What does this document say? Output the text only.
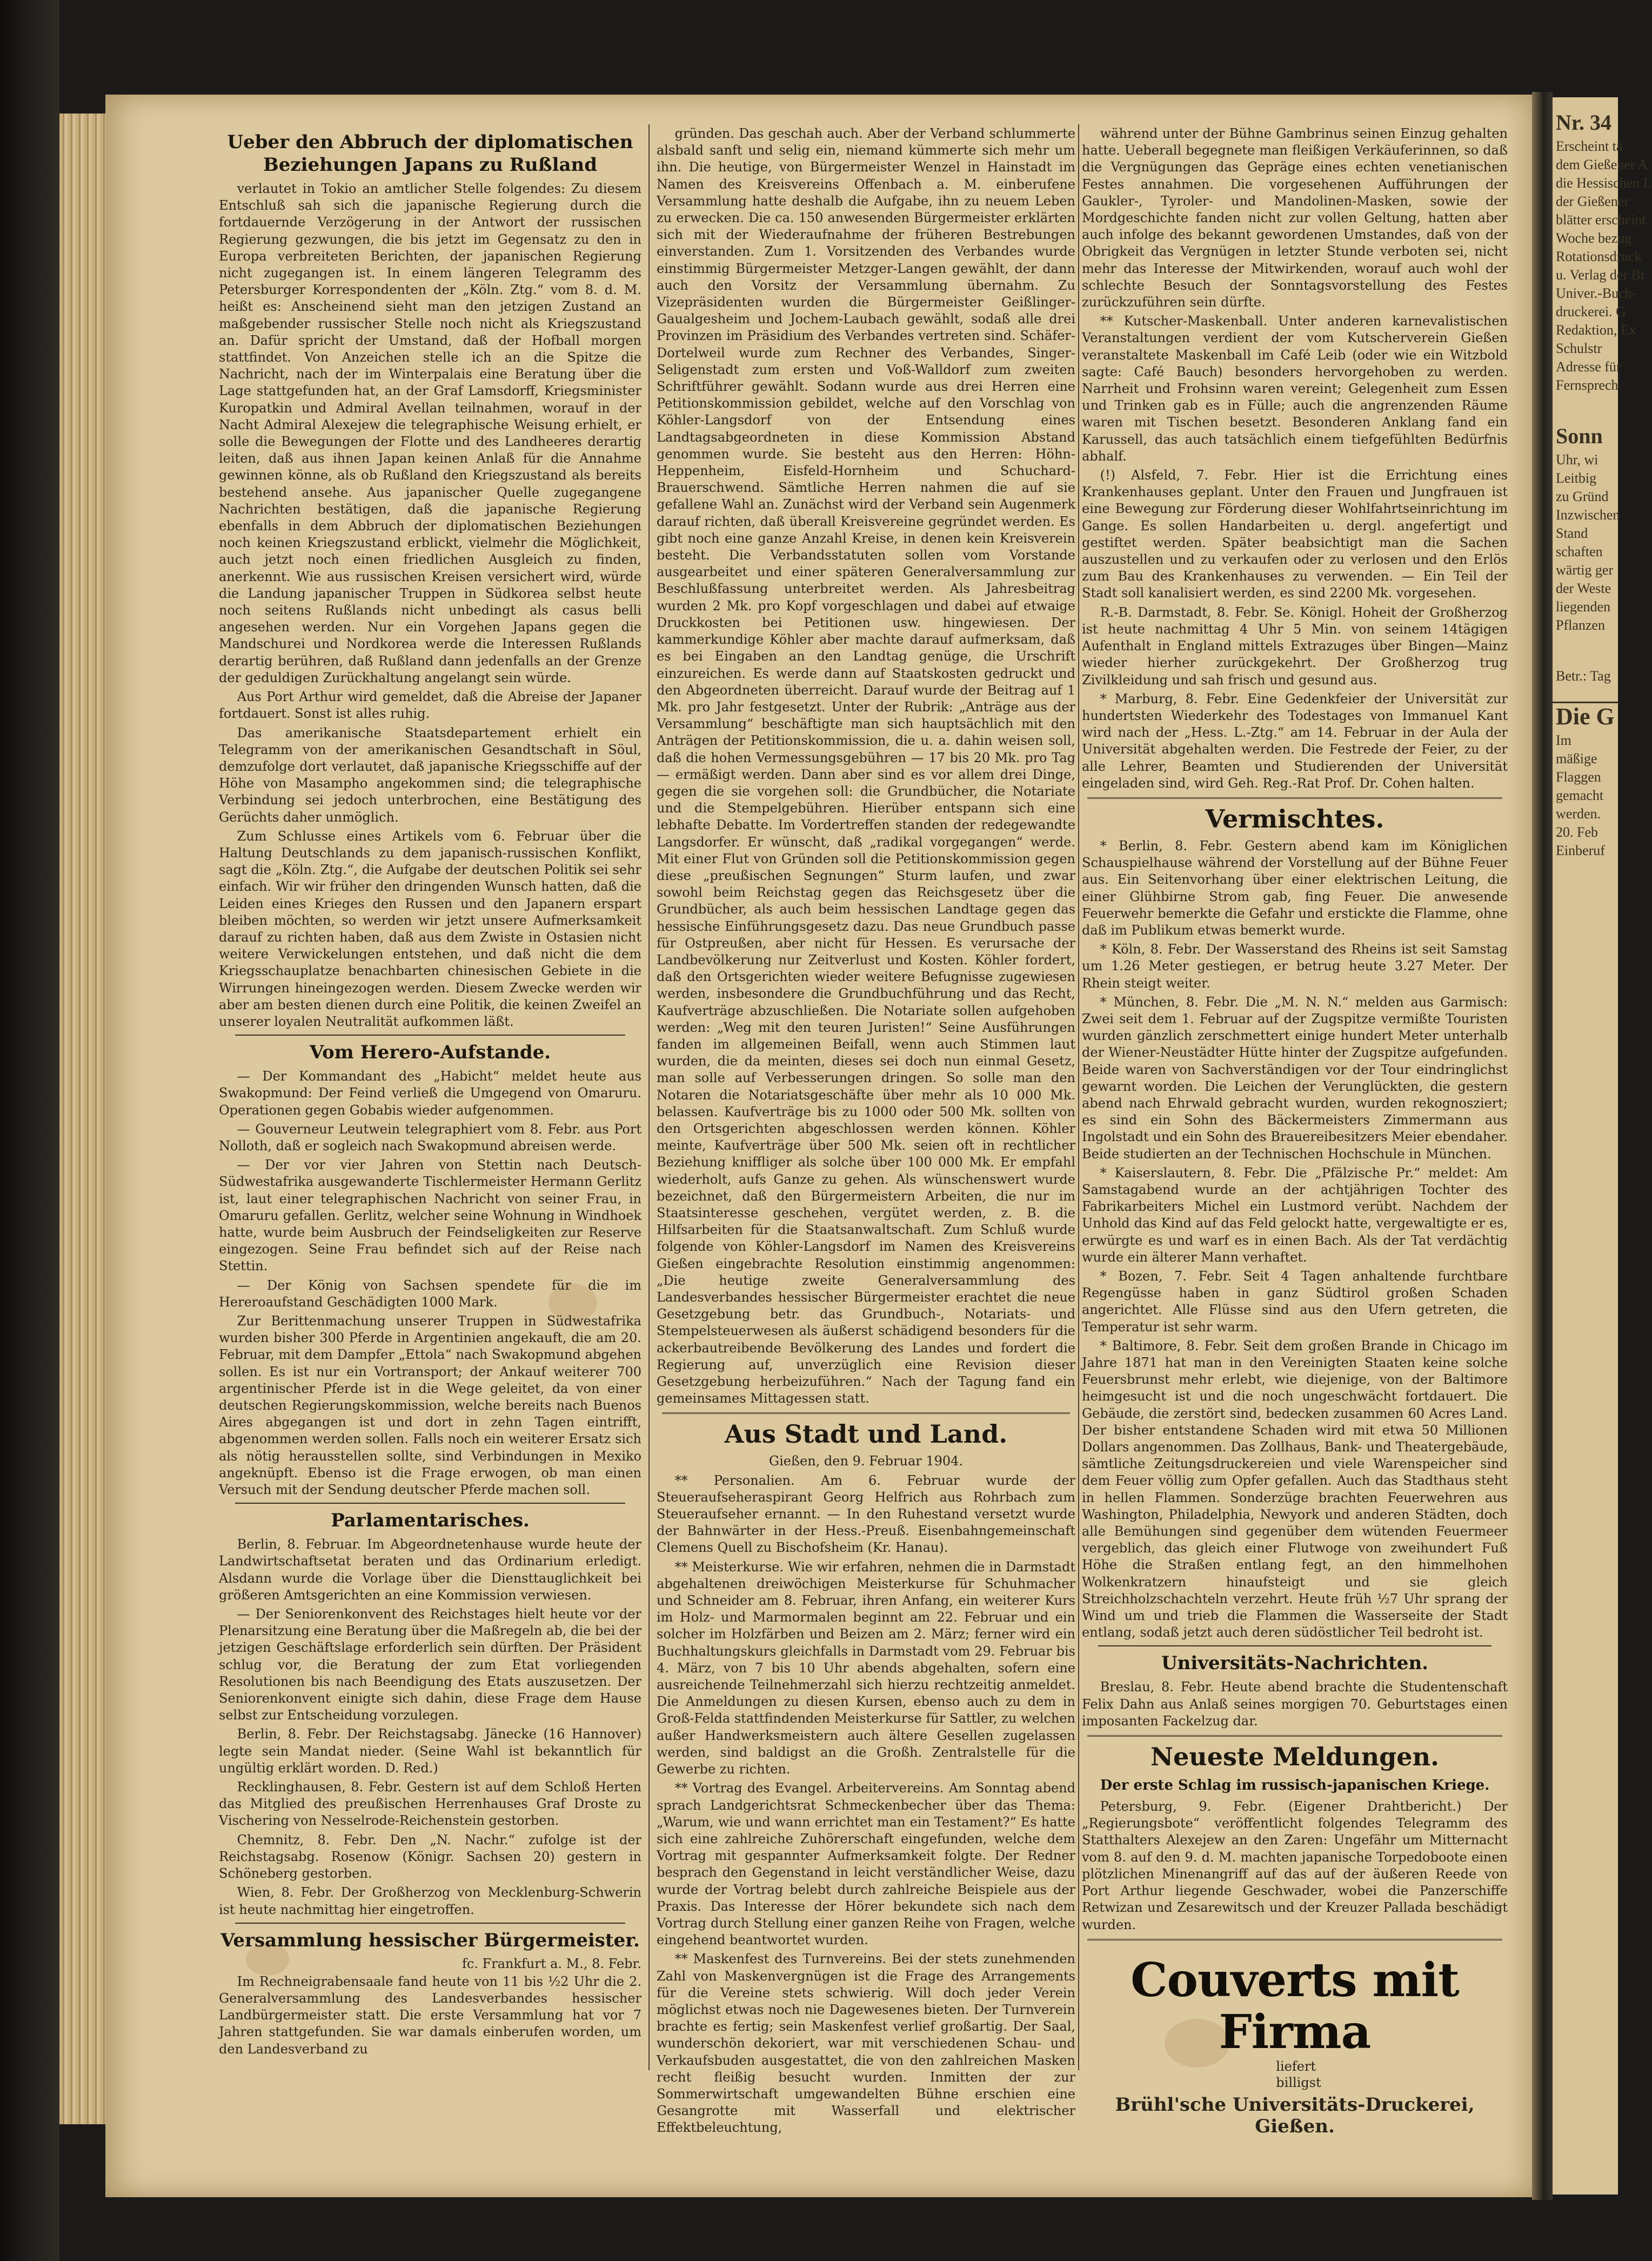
Ueber den Abbruch der diplomatischen Beziehungen Japans zu Rußland

verlautet in Tokio an amtlicher Stelle folgendes: Zu diesem Entschluß sah sich die japanische Regierung durch die fortdauernde Verzögerung in der Antwort der russischen Regierung gezwungen, die bis jetzt im Gegensatz zu den in Europa verbreiteten Berichten, der japanischen Regierung nicht zugegangen ist. In einem längeren Telegramm des Petersburger Korrespondenten der „Köln. Ztg.“ vom 8. d. M. heißt es: Anscheinend sieht man den jetzigen Zustand an maßgebender russischer Stelle noch nicht als Kriegszustand an. Dafür spricht der Umstand, daß der Hofball morgen stattfindet. Von Anzeichen stelle ich an die Spitze die Nachricht, nach der im Winterpalais eine Beratung über die Lage stattgefunden hat, an der Graf Lamsdorff, Kriegsminister Kuropatkin und Admiral Avellan teilnahmen, worauf in der Nacht Admiral Alexejew die telegraphische Weisung erhielt, er solle die Bewegungen der Flotte und des Landheeres derartig leiten, daß aus ihnen Japan keinen Anlaß für die Annahme gewinnen könne, als ob Rußland den Kriegszustand als bereits bestehend ansehe. Aus japanischer Quelle zugegangene Nachrichten bestätigen, daß die japanische Regierung ebenfalls in dem Abbruch der diplomatischen Beziehungen noch keinen Kriegszustand erblickt, vielmehr die Möglichkeit, auch jetzt noch einen friedlichen Ausgleich zu finden, anerkennt. Wie aus russischen Kreisen versichert wird, würde die Landung japanischer Truppen in Südkorea selbst heute noch seitens Rußlands nicht unbedingt als casus belli angesehen werden. Nur ein Vorgehen Japans gegen die Mandschurei und Nordkorea werde die Interessen Rußlands derartig berühren, daß Rußland dann jedenfalls an der Grenze der geduldigen Zurückhaltung angelangt sein würde.

Aus Port Arthur wird gemeldet, daß die Abreise der Japaner fortdauert. Sonst ist alles ruhig.

Das amerikanische Staatsdepartement erhielt ein Telegramm von der amerikanischen Gesandtschaft in Söul, demzufolge dort verlautet, daß japanische Kriegsschiffe auf der Höhe von Masampho angekommen sind; die telegraphische Verbindung sei jedoch unterbrochen, eine Bestätigung des Gerüchts daher unmöglich.

Zum Schlusse eines Artikels vom 6. Februar über die Haltung Deutschlands zu dem japanisch-russischen Konflikt, sagt die „Köln. Ztg.“, die Aufgabe der deutschen Politik sei sehr einfach. Wir wir früher den dringenden Wunsch hatten, daß die Leiden eines Krieges den Russen und den Japanern erspart bleiben möchten, so werden wir jetzt unsere Aufmerksamkeit darauf zu richten haben, daß aus dem Zwiste in Ostasien nicht weitere Verwickelungen entstehen, und daß nicht die dem Kriegsschauplatze benachbarten chinesischen Gebiete in die Wirrungen hineingezogen werden. Diesem Zwecke werden wir aber am besten dienen durch eine Politik, die keinen Zweifel an unserer loyalen Neutralität aufkommen läßt.

Vom Herero-Aufstande.

— Der Kommandant des „Habicht“ meldet heute aus Swakopmund: Der Feind verließ die Umgegend von Omaruru. Operationen gegen Gobabis wieder aufgenommen.

— Gouverneur Leutwein telegraphiert vom 8. Febr. aus Port Nolloth, daß er sogleich nach Swakopmund abreisen werde.

— Der vor vier Jahren von Stettin nach Deutsch-Südwestafrika ausgewanderte Tischlermeister Hermann Gerlitz ist, laut einer telegraphischen Nachricht von seiner Frau, in Omaruru gefallen. Gerlitz, welcher seine Wohnung in Windhoek hatte, wurde beim Ausbruch der Feindseligkeiten zur Reserve eingezogen. Seine Frau befindet sich auf der Reise nach Stettin.

— Der König von Sachsen spendete für die im Hereroaufstand Geschädigten 1000 Mark.

Zur Berittenmachung unserer Truppen in Südwestafrika wurden bisher 300 Pferde in Argentinien angekauft, die am 20. Februar, mit dem Dampfer „Ettola“ nach Swakopmund abgehen sollen. Es ist nur ein Vortransport; der Ankauf weiterer 700 argentinischer Pferde ist in die Wege geleitet, da von einer deutschen Regierungskommission, welche bereits nach Buenos Aires abgegangen ist und dort in zehn Tagen eintrifft, abgenommen werden sollen. Falls noch ein weiterer Ersatz sich als nötig herausstellen sollte, sind Verbindungen in Mexiko angeknüpft. Ebenso ist die Frage erwogen, ob man einen Versuch mit der Sendung deutscher Pferde machen soll.

Parlamentarisches.

Berlin, 8. Februar. Im Abgeordnetenhause wurde heute der Landwirtschaftsetat beraten und das Ordinarium erledigt. Alsdann wurde die Vorlage über die Diensttauglichkeit bei größeren Amtsgerichten an eine Kommission verwiesen.

— Der Seniorenkonvent des Reichstages hielt heute vor der Plenarsitzung eine Beratung über die Maßregeln ab, die bei der jetzigen Geschäftslage erforderlich sein dürften. Der Präsident schlug vor, die Beratung der zum Etat vorliegenden Resolutionen bis nach Beendigung des Etats auszusetzen. Der Seniorenkonvent einigte sich dahin, diese Frage dem Hause selbst zur Entscheidung vorzulegen.

Berlin, 8. Febr. Der Reichstagsabg. Jänecke (16 Hannover) legte sein Mandat nieder. (Seine Wahl ist bekanntlich für ungültig erklärt worden. D. Red.)

Recklinghausen, 8. Febr. Gestern ist auf dem Schloß Herten das Mitglied des preußischen Herrenhauses Graf Droste zu Vischering von Nesselrode-Reichenstein gestorben.

Chemnitz, 8. Febr. Den „N. Nachr.“ zufolge ist der Reichstagsabg. Rosenow (Königr. Sachsen 20) gestern in Schöneberg gestorben.

Wien, 8. Febr. Der Großherzog von Mecklenburg-Schwerin ist heute nachmittag hier eingetroffen.

Versammlung hessischer Bürgermeister.
fc. Frankfurt a. M., 8. Febr.

Im Rechneigrabensaale fand heute von 11 bis ½2 Uhr die 2. Generalversammlung des Landesverbandes hessischer Landbürgermeister statt. Die erste Versammlung hat vor 7 Jahren stattgefunden. Sie war damals einberufen worden, um den Landesverband zu

gründen. Das geschah auch. Aber der Verband schlummerte alsbald sanft und selig ein, niemand kümmerte sich mehr um ihn. Die heutige, von Bürgermeister Wenzel in Hainstadt im Namen des Kreisvereins Offenbach a. M. einberufene Versammlung hatte deshalb die Aufgabe, ihn zu neuem Leben zu erwecken. Die ca. 150 anwesenden Bürgermeister erklärten sich mit der Wiederaufnahme der früheren Bestrebungen einverstanden. Zum 1. Vorsitzenden des Verbandes wurde einstimmig Bürgermeister Metzger-Langen gewählt, der dann auch den Vorsitz der Versammlung übernahm. Zu Vizepräsidenten wurden die Bürgermeister Geißlinger-Gaualgesheim und Jochem-Laubach gewählt, sodaß alle drei Provinzen im Präsidium des Verbandes vertreten sind. Schäfer-Dortelweil wurde zum Rechner des Verbandes, Singer-Seligenstadt zum ersten und Voß-Walldorf zum zweiten Schriftführer gewählt. Sodann wurde aus drei Herren eine Petitionskommission gebildet, welche auf den Vorschlag von Köhler-Langsdorf von der Entsendung eines Landtagsabgeordneten in diese Kommission Abstand genommen wurde. Sie besteht aus den Herren: Höhn-Heppenheim, Eisfeld-Hornheim und Schuchard-Brauerschwend. Sämtliche Herren nahmen die auf sie gefallene Wahl an. Zunächst wird der Verband sein Augenmerk darauf richten, daß überall Kreisvereine gegründet werden. Es gibt noch eine ganze Anzahl Kreise, in denen kein Kreisverein besteht. Die Verbandsstatuten sollen vom Vorstande ausgearbeitet und einer späteren Generalversammlung zur Beschlußfassung unterbreitet werden. Als Jahresbeitrag wurden 2 Mk. pro Kopf vorgeschlagen und dabei auf etwaige Druckkosten bei Petitionen usw. hingewiesen. Der kammerkundige Köhler aber machte darauf aufmerksam, daß es bei Eingaben an den Landtag genüge, die Urschrift einzureichen. Es werde dann auf Staatskosten gedruckt und den Abgeordneten überreicht. Darauf wurde der Beitrag auf 1 Mk. pro Jahr festgesetzt. Unter der Rubrik: „Anträge aus der Versammlung“ beschäftigte man sich hauptsächlich mit den Anträgen der Petitionskommission, die u. a. dahin weisen soll, daß die hohen Vermessungsgebühren — 17 bis 20 Mk. pro Tag — ermäßigt werden. Dann aber sind es vor allem drei Dinge, gegen die sie vorgehen soll: die Grundbücher, die Notariate und die Stempelgebühren. Hierüber entspann sich eine lebhafte Debatte. Im Vordertreffen standen der redegewandte Langsdorfer. Er wünscht, daß „radikal vorgegangen“ werde. Mit einer Flut von Gründen soll die Petitionskommission gegen diese „preußischen Segnungen“ Sturm laufen, und zwar sowohl beim Reichstag gegen das Reichsgesetz über die Grundbücher, als auch beim hessischen Landtage gegen das hessische Einführungsgesetz dazu. Das neue Grundbuch passe für Ostpreußen, aber nicht für Hessen. Es verursache der Landbevölkerung nur Zeitverlust und Kosten. Köhler fordert, daß den Ortsgerichten wieder weitere Befugnisse zugewiesen werden, insbesondere die Grundbuchführung und das Recht, Kaufverträge abzuschließen. Die Notariate sollen aufgehoben werden: „Weg mit den teuren Juristen!“ Seine Ausführungen fanden im allgemeinen Beifall, wenn auch Stimmen laut wurden, die da meinten, dieses sei doch nun einmal Gesetz, man solle auf Verbesserungen dringen. So solle man den Notaren die Notariatsgeschäfte über mehr als 10 000 Mk. belassen. Kaufverträge bis zu 1000 oder 500 Mk. sollten von den Ortsgerichten abgeschlossen werden können. Köhler meinte, Kaufverträge über 500 Mk. seien oft in rechtlicher Beziehung kniffliger als solche über 100 000 Mk. Er empfahl wiederholt, aufs Ganze zu gehen. Als wünschenswert wurde bezeichnet, daß den Bürgermeistern Arbeiten, die nur im Staatsinteresse geschehen, vergütet werden, z. B. die Hilfsarbeiten für die Staatsanwaltschaft. Zum Schluß wurde folgende von Köhler-Langsdorf im Namen des Kreisvereins Gießen eingebrachte Resolution einstimmig angenommen: „Die heutige zweite Generalversammlung des Landesverbandes hessischer Bürgermeister erachtet die neue Gesetzgebung betr. das Grundbuch-, Notariats- und Stempelsteuerwesen als äußerst schädigend besonders für die ackerbautreibende Bevölkerung des Landes und fordert die Regierung auf, unverzüglich eine Revision dieser Gesetzgebung herbeizuführen.“ Nach der Tagung fand ein gemeinsames Mittagessen statt.

Aus Stadt und Land.

Gießen, den 9. Februar 1904.

** Personalien. Am 6. Februar wurde der Steueraufseheraspirant Georg Helfrich aus Rohrbach zum Steueraufseher ernannt. — In den Ruhestand versetzt wurde der Bahnwärter in der Hess.-Preuß. Eisenbahngemeinschaft Clemens Quell zu Bischofsheim (Kr. Hanau).

** Meisterkurse. Wie wir erfahren, nehmen die in Darmstadt abgehaltenen dreiwöchigen Meisterkurse für Schuhmacher und Schneider am 8. Februar, ihren Anfang, ein weiterer Kurs im Holz- und Marmormalen beginnt am 22. Februar und ein solcher im Holzfärben und Beizen am 2. März; ferner wird ein Buchhaltungskurs gleichfalls in Darmstadt vom 29. Februar bis 4. März, von 7 bis 10 Uhr abends abgehalten, sofern eine ausreichende Teilnehmerzahl sich hierzu rechtzeitig anmeldet. Die Anmeldungen zu diesen Kursen, ebenso auch zu dem in Groß-Felda stattfindenden Meisterkurse für Sattler, zu welchen außer Handwerksmeistern auch ältere Gesellen zugelassen werden, sind baldigst an die Großh. Zentralstelle für die Gewerbe zu richten.

** Vortrag des Evangel. Arbeitervereins. Am Sonntag abend sprach Landgerichtsrat Schmeckenbecher über das Thema: „Warum, wie und wann errichtet man ein Testament?“ Es hatte sich eine zahlreiche Zuhörerschaft eingefunden, welche dem Vortrag mit gespannter Aufmerksamkeit folgte. Der Redner besprach den Gegenstand in leicht verständlicher Weise, dazu wurde der Vortrag belebt durch zahlreiche Beispiele aus der Praxis. Das Interesse der Hörer bekundete sich nach dem Vortrag durch Stellung einer ganzen Reihe von Fragen, welche eingehend beantwortet wurden.

** Maskenfest des Turnvereins. Bei der stets zunehmenden Zahl von Maskenvergnügen ist die Frage des Arrangements für die Vereine stets schwierig. Will doch jeder Verein möglichst etwas noch nie Dagewesenes bieten. Der Turnverein brachte es fertig; sein Maskenfest verlief großartig. Der Saal, wunderschön dekoriert, war mit verschiedenen Schau- und Verkaufsbuden ausgestattet, die von den zahlreichen Masken recht fleißig besucht wurden. Inmitten der zur Sommerwirtschaft umgewandelten Bühne erschien eine Gesangrotte mit Wasserfall und elektrischer Effektbeleuchtung,

während unter der Bühne Gambrinus seinen Einzug gehalten hatte. Ueberall begegnete man fleißigen Verkäuferinnen, so daß die Vergnügungen das Gepräge eines echten venetianischen Festes annahmen. Die vorgesehenen Aufführungen der Gaukler-, Tyroler- und Mandolinen-Masken, sowie der Mordgeschichte fanden nicht zur vollen Geltung, hatten aber auch infolge des bekannt gewordenen Umstandes, daß von der Obrigkeit das Vergnügen in letzter Stunde verboten sei, nicht mehr das Interesse der Mitwirkenden, worauf auch wohl der schlechte Besuch der Sonntagsvorstellung des Festes zurückzuführen sein dürfte.

** Kutscher-Maskenball. Unter anderen karnevalistischen Veranstaltungen verdient der vom Kutscherverein Gießen veranstaltete Maskenball im Café Leib (oder wie ein Witzbold sagte: Café Bauch) besonders hervorgehoben zu werden. Narrheit und Frohsinn waren vereint; Gelegenheit zum Essen und Trinken gab es in Fülle; auch die angrenzenden Räume waren mit Tischen besetzt. Besonderen Anklang fand ein Karussell, das auch tatsächlich einem tiefgefühlten Bedürfnis abhalf.

(!) Alsfeld, 7. Febr. Hier ist die Errichtung eines Krankenhauses geplant. Unter den Frauen und Jungfrauen ist eine Bewegung zur Förderung dieser Wohlfahrtseinrichtung im Gange. Es sollen Handarbeiten u. dergl. angefertigt und gestiftet werden. Später beabsichtigt man die Sachen auszustellen und zu verkaufen oder zu verlosen und den Erlös zum Bau des Krankenhauses zu verwenden. — Ein Teil der Stadt soll kanalisiert werden, es sind 2200 Mk. vorgesehen.

R.-B. Darmstadt, 8. Febr. Se. Königl. Hoheit der Großherzog ist heute nachmittag 4 Uhr 5 Min. von seinem 14tägigen Aufenthalt in England mittels Extrazuges über Bingen—Mainz wieder hierher zurückgekehrt. Der Großherzog trug Zivilkleidung und sah frisch und gesund aus.

* Marburg, 8. Febr. Eine Gedenkfeier der Universität zur hundertsten Wiederkehr des Todestages von Immanuel Kant wird nach der „Hess. L.-Ztg.“ am 14. Februar in der Aula der Universität abgehalten werden. Die Festrede der Feier, zu der alle Lehrer, Beamten und Studierenden der Universität eingeladen sind, wird Geh. Reg.-Rat Prof. Dr. Cohen halten.

Vermischtes.

* Berlin, 8. Febr. Gestern abend kam im Königlichen Schauspielhause während der Vorstellung auf der Bühne Feuer aus. Ein Seitenvorhang über einer elektrischen Leitung, die einer Glühbirne Strom gab, fing Feuer. Die anwesende Feuerwehr bemerkte die Gefahr und erstickte die Flamme, ohne daß im Publikum etwas bemerkt wurde.

* Köln, 8. Febr. Der Wasserstand des Rheins ist seit Samstag um 1.26 Meter gestiegen, er betrug heute 3.27 Meter. Der Rhein steigt weiter.

* München, 8. Febr. Die „M. N. N.“ melden aus Garmisch: Zwei seit dem 1. Februar auf der Zugspitze vermißte Touristen wurden gänzlich zerschmettert einige hundert Meter unterhalb der Wiener-Neustädter Hütte hinter der Zugspitze aufgefunden. Beide waren von Sachverständigen vor der Tour eindringlichst gewarnt worden. Die Leichen der Verunglückten, die gestern abend nach Ehrwald gebracht wurden, wurden rekognosziert; es sind ein Sohn des Bäckermeisters Zimmermann aus Ingolstadt und ein Sohn des Brauereibesitzers Meier ebendaher. Beide studierten an der Technischen Hochschule in München.

* Kaiserslautern, 8. Febr. Die „Pfälzische Pr.“ meldet: Am Samstagabend wurde an der achtjährigen Tochter des Fabrikarbeiters Michel ein Lustmord verübt. Nachdem der Unhold das Kind auf das Feld gelockt hatte, vergewaltigte er es, erwürgte es und warf es in einen Bach. Als der Tat verdächtig wurde ein älterer Mann verhaftet.

* Bozen, 7. Febr. Seit 4 Tagen anhaltende furchtbare Regengüsse haben in ganz Südtirol großen Schaden angerichtet. Alle Flüsse sind aus den Ufern getreten, die Temperatur ist sehr warm.

* Baltimore, 8. Febr. Seit dem großen Brande in Chicago im Jahre 1871 hat man in den Vereinigten Staaten keine solche Feuersbrunst mehr erlebt, wie diejenige, von der Baltimore heimgesucht ist und die noch ungeschwächt fortdauert. Die Gebäude, die zerstört sind, bedecken zusammen 60 Acres Land. Der bisher entstandene Schaden wird mit etwa 50 Millionen Dollars angenommen. Das Zollhaus, Bank- und Theatergebäude, sämtliche Zeitungsdruckereien und viele Warenspeicher sind dem Feuer völlig zum Opfer gefallen. Auch das Stadthaus steht in hellen Flammen. Sonderzüge brachten Feuerwehren aus Washington, Philadelphia, Newyork und anderen Städten, doch alle Bemühungen sind gegenüber dem wütenden Feuermeer vergeblich, das gleich einer Flutwoge von zweihundert Fuß Höhe die Straßen entlang fegt, an den himmelhohen Wolkenkratzern hinaufsteigt und sie gleich Streichholzschachteln verzehrt. Heute früh ½7 Uhr sprang der Wind um und trieb die Flammen die Wasserseite der Stadt entlang, sodaß jetzt auch deren südöstlicher Teil bedroht ist.

Universitäts-Nachrichten.

Breslau, 8. Febr. Heute abend brachte die Studentenschaft Felix Dahn aus Anlaß seines morgigen 70. Geburtstages einen imposanten Fackelzug dar.

Neueste Meldungen.
Der erste Schlag im russisch-japanischen Kriege.

Petersburg, 9. Febr. (Eigener Drahtbericht.) Der „Regierungsbote“ veröffentlicht folgendes Telegramm des Statthalters Alexejew an den Zaren: Ungefähr um Mitternacht vom 8. auf den 9. d. M. machten japanische Torpedoboote einen plötzlichen Minenangriff auf das auf der äußeren Reede von Port Arthur liegende Geschwader, wobei die Panzerschiffe Retwizan und Zesarewitsch und der Kreuzer Pallada beschädigt wurden.

Couverts mit Firma liefert
billigst
Brühl'sche Universitäts-Druckerei, Gießen.
Nr. 34
Erscheint tä
dem Gießener A
die Hessischen L
der Gießener
blätter erscheint
Woche bezug
Rotationsdruck
u. Verlag der Br
Univer.-Buch-
druckerei. G
Redaktion, Ex
Schulstr
Adresse für
Fernsprech
Sonn
Uhr, wi
Leitbig
zu Gründ
Inzwischen
Stand
schaften
wärtig ger
der Weste
liegenden
Pflanzen
Betr.: Tag
Die G
Im
mäßige
Flaggen
gemacht
werden.
20. Feb
Einberuf
